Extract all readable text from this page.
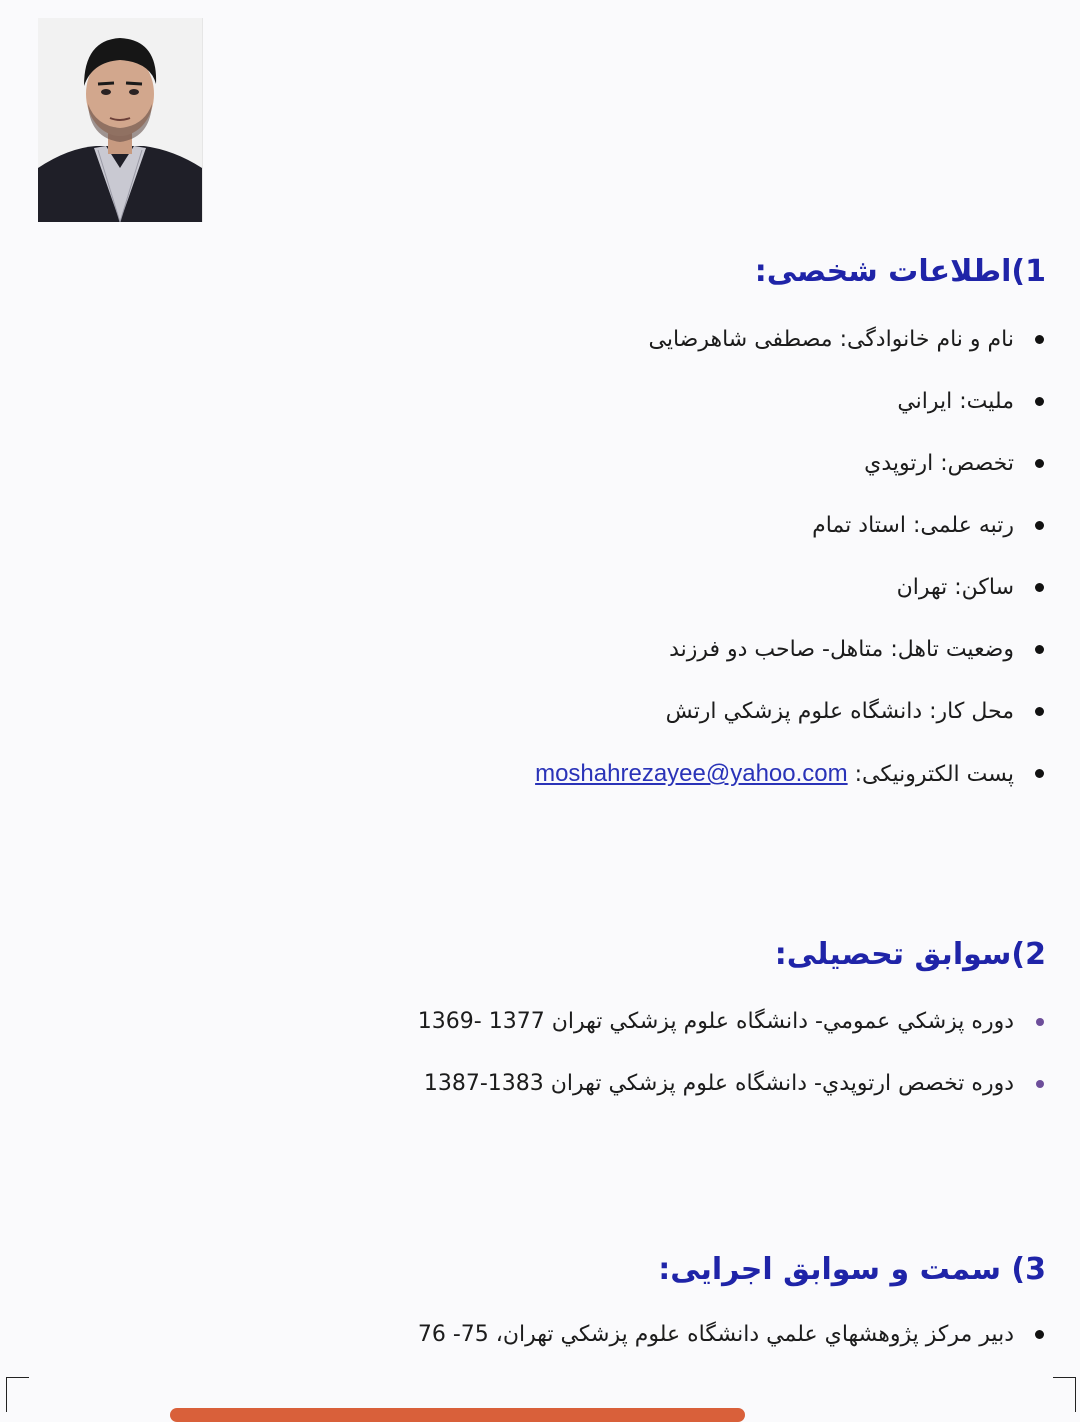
1)اطلاعات شخصی:
نام و نام خانوادگی: مصطفی شاهرضایی
ملیت: ايراني
تخصص: ارتوپدي
رتبه علمی: استاد تمام
ساکن: تهران
وضعیت تاهل: متاهل- صاحب دو فرزند
محل کار: دانشگاه علوم پزشكي ارتش
پست الکترونیکی: moshahrezayee@yahoo.com
2)سوابق تحصیلی:
دوره پزشكي عمومي- دانشگاه علوم پزشكي تهران 1377 -1369
دوره تخصص ارتوپدي- دانشگاه علوم پزشكي تهران 1383-1387
3) سمت و سوابق اجرایی:
دبير مركز پژوهشهاي علمي دانشگاه علوم پزشكي تهران، 75- 76
